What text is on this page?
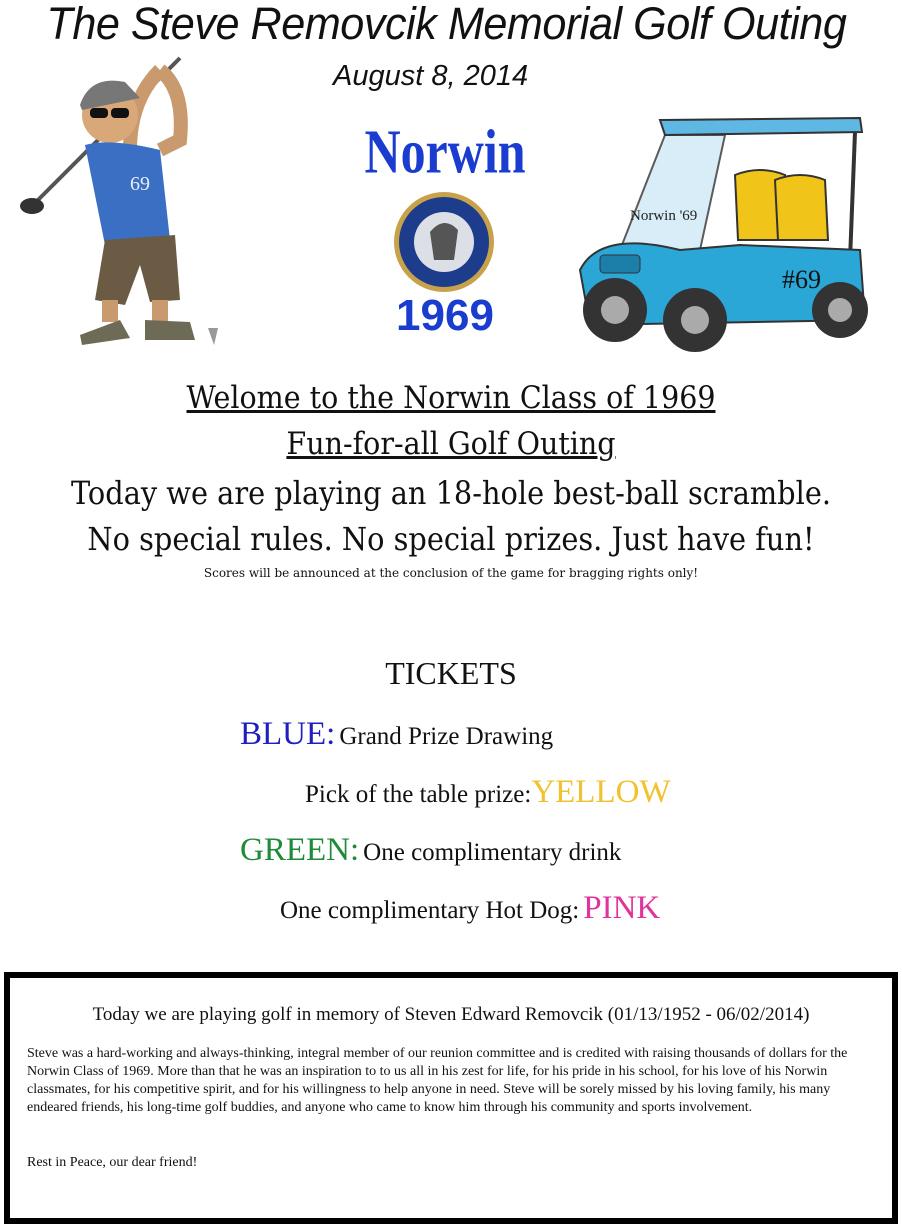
The Steve Removcik Memorial Golf Outing
August 8, 2014
69	Norwin
1969
Norwin '69
#69
Welome to the Norwin Class of 1969
Fun-for-all Golf Outing
Today we are playing an 18-hole best-ball scramble.
No special rules. No special prizes. Just have fun!
Scores will be announced at the conclusion of the game for bragging rights only!
TICKETS
BLUE: Grand Prize Drawing
Pick of the table prize:YELLOW
GREEN: One complimentary drink
One complimentary Hot Dog: PINK
Today we are playing golf in memory of Steven Edward Removcik (01/13/1952 - 06/02/2014)
Steve was a hard-working and always-thinking, integral member of our reunion committee and is credited with raising thousands of dollars for the Norwin Class of 1969. More than that he was an inspiration to to us all in his zest for life, for his pride in his school, for his love of his Norwin classmates, for his competitive spirit, and for his willingness to help anyone in need. Steve will be sorely missed by his loving family, his many endeared friends, his long-time golf buddies, and anyone who came to know him through his community and sports involvement.
Rest in Peace, our dear friend!
